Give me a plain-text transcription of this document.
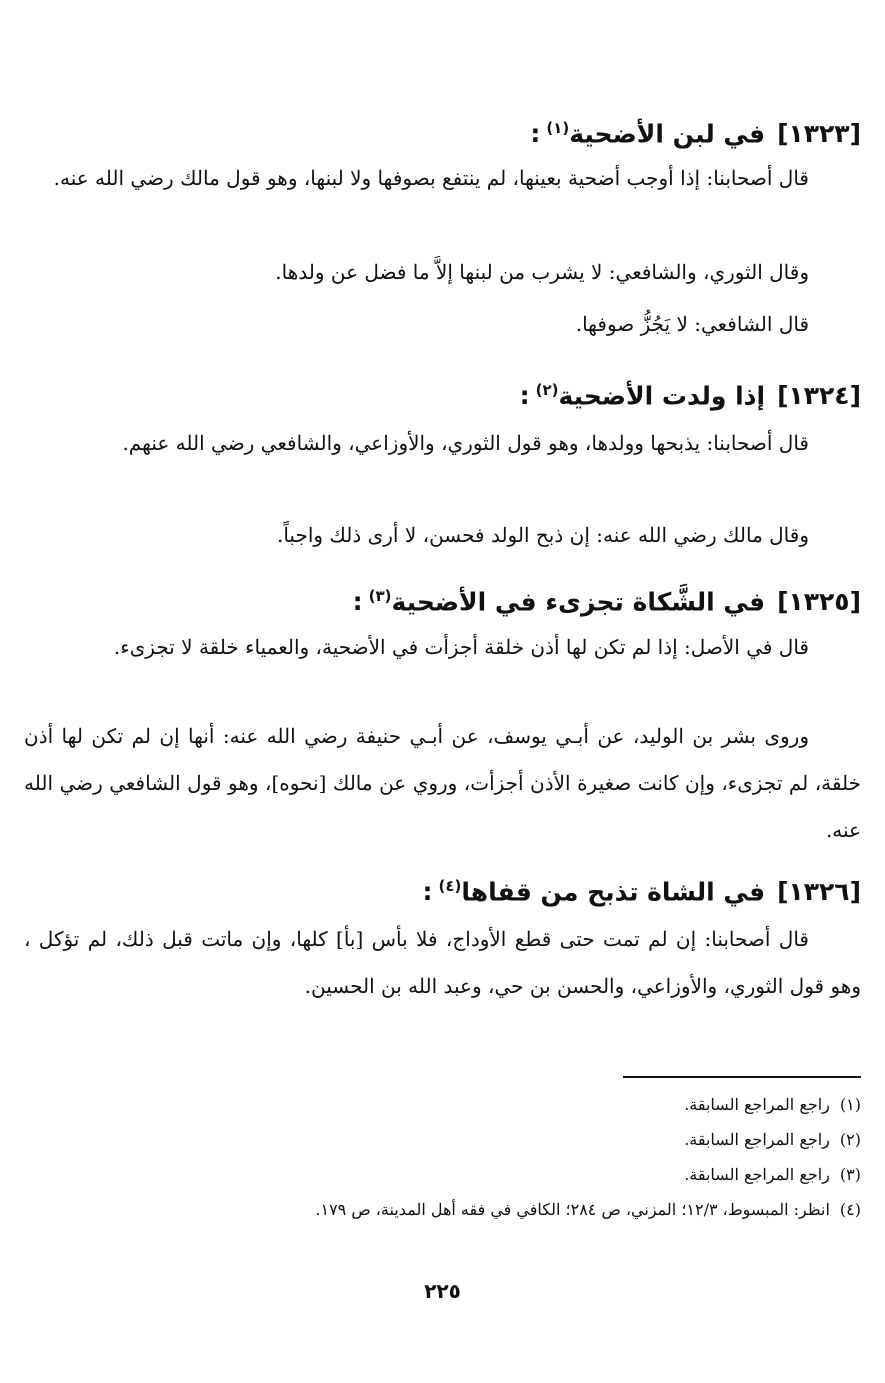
[١٣٢٣]في لبن الأضحية$^{(١)}$:
قال أصحابنا: إذا أوجب أضحية بعينها، لم ينتفع بصوفها ولا لبنها، وهو قول مالك رضي الله عنه.
وقال الثوري، والشافعي: لا يشرب من لبنها إلاَّ ما فضل عن ولدها.
قال الشافعي: لا يَجُزُّ صوفها.
[١٣٢٤]إذا ولدت الأضحية$^{(٢)}$:
قال أصحابنا: يذبحها وولدها، وهو قول الثوري، والأوزاعي، والشافعي رضي الله عنهم.
وقال مالك رضي الله عنه: إن ذبح الولد فحسن، لا أرى ذلك واجباً.
[١٣٢٥]في الشَّكاة تجزىء في الأضحية$^{(٣)}$:
قال في الأصل: إذا لم تكن لها أذن خلقة أجزأت في الأضحية، والعمياء خلقة لا تجزىء.
وروى بشر بن الوليد، عن أبـي يوسف، عن أبـي حنيفة رضي الله عنه: أنها إن لم تكن لها أذن خلقة، لم تجزىء، وإن كانت صغيرة الأذن أجزأت، وروي عن مالك [نحوه]، وهو قول الشافعي رضي الله عنه.
[١٣٢٦]في الشاة تذبح من قفاها$^{(٤)}$:
قال أصحابنا: إن لم تمت حتى قطع الأوداج، فلا بأس [بأ] كلها، وإن ماتت قبل ذلك، لم تؤكل ، وهو قول الثوري، والأوزاعي، والحسن بن حي، وعبد الله بن الحسين.
(١)راجع المراجع السابقة.
(٢)راجع المراجع السابقة.
(٣)راجع المراجع السابقة.
(٤)انظر: المبسوط، ١٢/٣؛ المزني، ص ٢٨٤؛ الكافي في فقه أهل المدينة، ص ١٧٩.
٢٢٥
